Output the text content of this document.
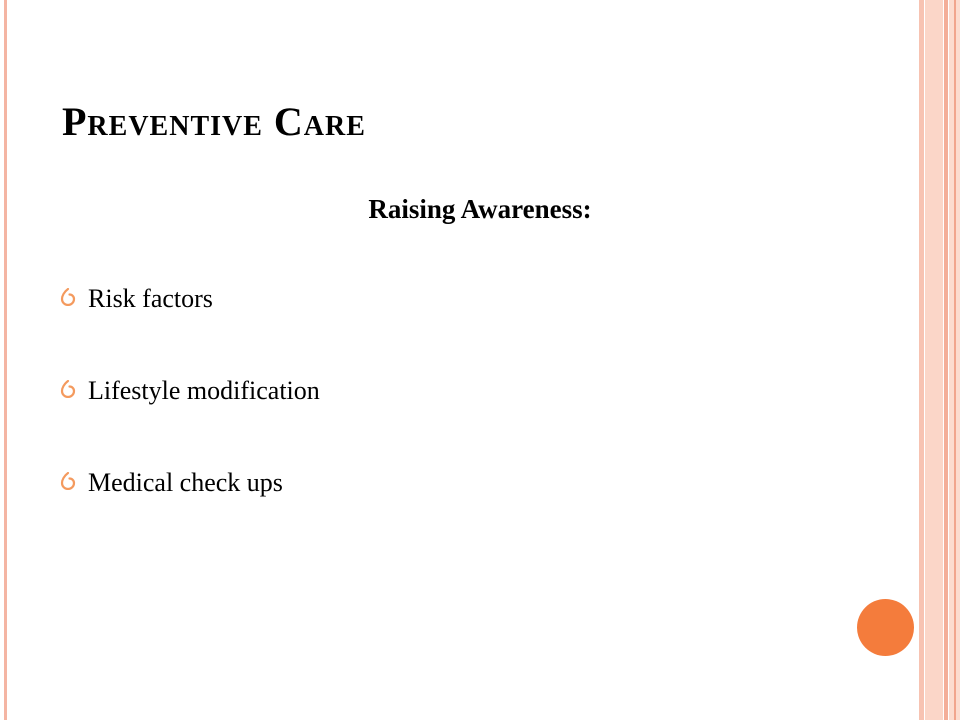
Preventive Care
Raising Awareness:
Risk factors
Lifestyle modification
Medical check ups
